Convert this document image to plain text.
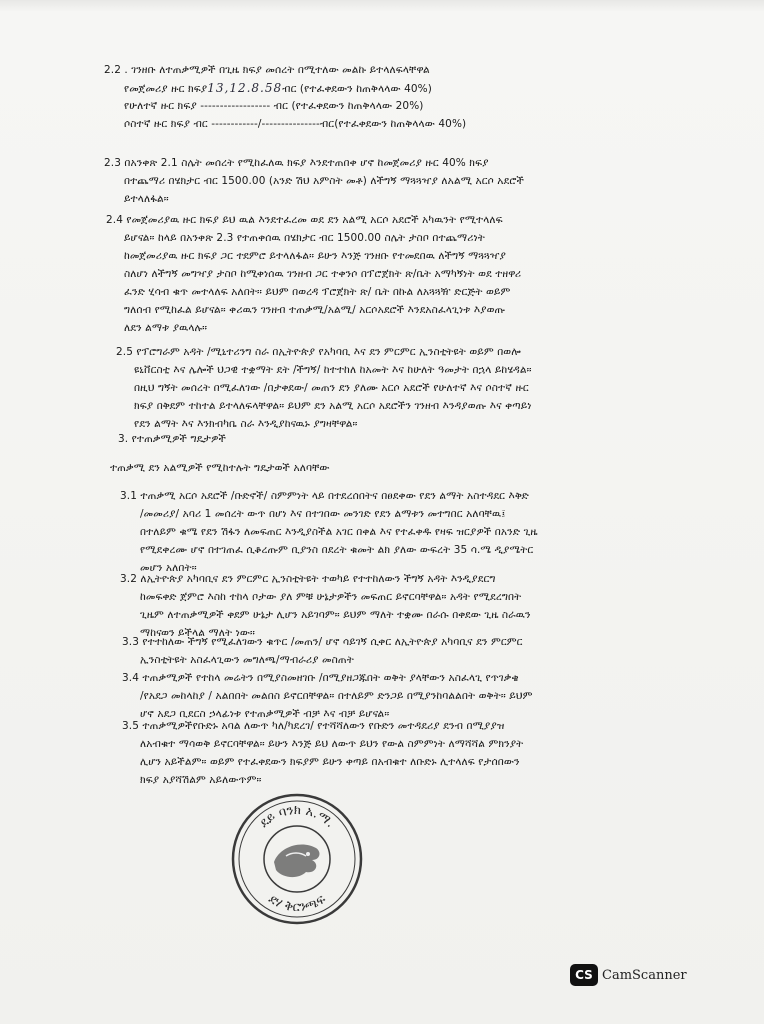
2.2 . ገንዘቡ ለተጠቃሚዎች በጊዜ ክፍያ መሰረት በሚተለው መልኩ ይተላለፍላቸዋል
የመጀመሪያ ዙር ክፍያ13,12.8.58ብር (የተፈቀደውን ከጠቅላላው 40%)
የሁለተኛ ዙር ክፍያ ------------------ ብር (የተፈቀደውን ከጠቅላላው 20%)
ሶስተኛ ዙር ክፍያ ብር ------------/---------------ብር(የተፈቀደውን ከጠቅላላው 40%)
2.3 በአንቀጽ 2.1 ስሌት መሰረት የሚከፈለዉ ክፍያ እንደተጠበቀ ሆኖ ከመጀመሪያ ዙር 40% ክፍያ
በተጨማሪ በሄክታር ብር 1500.00 (አንድ ሽህ አምስት መቶ) ለችግኝ ማጓጓዣያ ለአልሚ አርሶ አደሮች
ይተላለፋል።
2.4 የመጀመሪያዉ ዙር ክፍያ ይህ ዉል እንደተፈረመ ወደ ደን አልሚ አርሶ አደሮች አካዉንት የሚተላለፍ
ይሆናል። ከላይ በአንቀጽ 2.3 የተጠቀሰዉ በሄክታር ብር 1500.00 ስሌት ታስቦ በተጨማሪነት
ከመጀመሪያዉ ዙር ክፍያ ጋር ተደምሮ ይተላለፋል። ይሁን እንጅ ገንዘቡ የተመደበዉ ለችግኝ ማጓጓዣያ
ስለሆነ ለችግኝ መግዣያ ታስቦ ከሚቀነሰዉ ገንዘብ ጋር ተቀንሶ በፕሮጀክት ጽ/ቤት አማካኝነት ወደ ተዘዋሪ
ፈንድ ሂሳብ ቁጥ መተላለፍ አለበት። ይህም በወረዳ ፕሮጀክት ጽ/ ቤት በኩል ለአጓጓዥ ድርጅት ወይም
ግለሰብ የሚከፈል ይሆናል። ቀሪዉን ገንዘብ ተጠቃሚ/አልሚ/ አርሶአደሮች እንደአስፈላጊነቱ እያወጡ
ለደን ልማቱ ያዉላሉ።
2.5 የፕሮግራም አዳት /ሚኒተሪንግ ስራ በኢትዮጵያ የአካባቢ እና ደን ምርምር ኢንስቲትዩት ወይም በወሎ
ዩኒቨርስቲ እና ሌሎች ህጋዊ ተቋማት ደት /ችግኝ/ ከተተከለ ከአመት እና ከሁለት ዓመታት በኋላ ይከሄዳል።
በዚህ ግኝት መሰረት በሚፈለገው /በታቀደው/ መጠን ደን ያለሙ አርሶ አደሮች የሁለተኛ እና ሶስተኛ ዙር
ክፍያ በቅደም ተከተል ይተላለፍላቸዋል። ይህም ደን አልሚ አርሶ አደሮችን ገንዘብ እንዳያወጡ እና ቀጣይነ
የደን ልማት እና እንክብካቤ ስራ እንዲያከናዉኑ ያግዛቸዋል።
3. የተጠቃሚዎች ግዴታዎች
ተጠቃሚ ደን አልሚዎች የሚከተሉት ግዴታወች አለባቸው
3.1 ተጠቃሚ አርሶ አደሮች /ቡድኖች/ ስምምነት ላይ በተደረሰበትና በፀደቀው የደን ልማት አስተዳደር እቅድ
/መመሪያ/ አባሪ 1 መሰረት ውጥ በሆነ እና በተገበው መንገድ የደን ልማቱን መተግበር አለባቸዉ፤
በተለይም ቁሜ የደን ሽፋን ለመፍጠር እንዲያስችል አገር በቀል እና የተፈቀዱ የዛፍ ዝርያዎች በአንድ ጊዜ
የሚደቀረሙ ሆኖ በተገጠፈ ሲቆረጡም ቢያንስ በደረት ቁመት ልክ ያለው ውፍረት 35 ሳ.ሜ ዲያሜትር
መሆን አለበት።
3.2 ለኢትዮጵያ አካባቢና ደን ምርምር ኢንስቲትዩት ተወካይ የተተከለውን ችግኝ አዳት እንዲያደርግ
ከመፍቀድ ጀምሮ እስከ ተከላ ቦታው ያለ ምቹ ሁኔታዎችን መፍጠር ይኖርባቸዋል። አዳት የሚደረግበት
ጊዜም ለተጠቃሚዎች ቀደም ሁኔታ ሊሆን አይገባም። ይህም ማለት ተቋሙ በራሱ በቀደው ጊዜ ስራዉን
ማከናወን ይችላል ማለት ነው።
3.3 የተተከለው ችግኝ የሚፈለገውን ቁጥር /መጠን/ ሆኖ ሳይገኝ ሲቀር ለኢትዮጵያ አካባቢና ደን ምርምር
ኢንስቲትዩት አስፈላጊውን መግለጫ/ማብራሪያ መስጠት
3.4 ተጠቃሚዎች የተከላ መሬትን በሚያስመዘገቡ /በሚያዘጋጁበት ወቅት ያላቸውን አስፈላጊ የጥገቃቄ
/የአደጋ መከላከያ / አልበበት መልበስ ይኖርበቸዋል። በተለይም ድንጋይ በሚያንከባልልበት ወቅት። ይህም
ሆኖ አደጋ ቢደርስ ኃላፊነቱ የተጠቃሚዎች ብቻ እና ብቻ ይሆናል።
3.5 ተጠቃሚዎችየቡድኑ አባል ለውጥ ካለ/ካደረገ/ የተሻሻለውን የቡድን መተዳደሪያ ደንብ በሚያያዝ
ለአብቁተ ማሳወቅ ይኖርባቸዋል። ይሁን እንጅ ይህ ለውጥ ይህን የውል ስምምነት ለማሻሻል ምክንያት
ሊሆን አይችልም። ወይም የተፈቀደውን ክፍያም ይሁን ቀጣይ በአብቁተ ለቡድኑ ሊተላለፍ የታሰበውን
ክፍያ አያሻሽልም አይለውጥም።
ደይ ባንክ አ.ማ.
ደሃ ቅርንጫፍ
CS CamScanner
